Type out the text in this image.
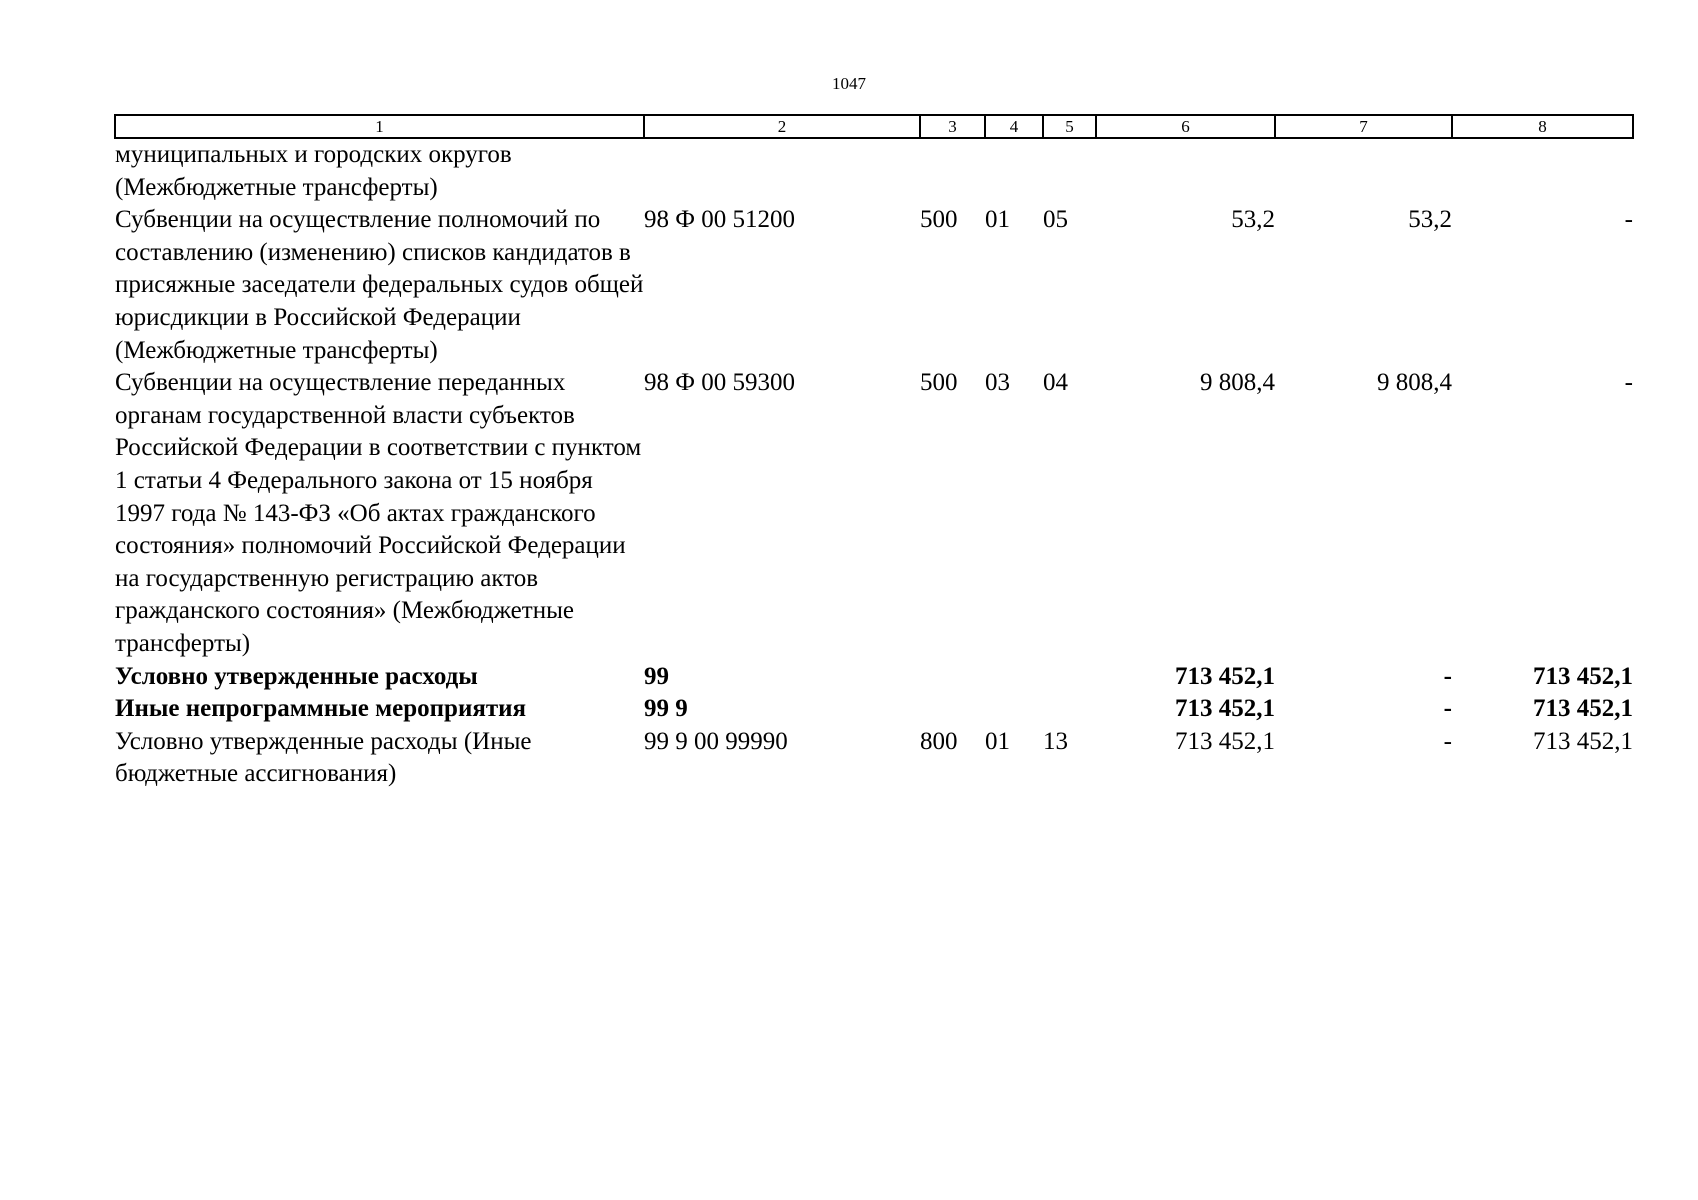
1047
1	2	3	4	5	6	7	8
муниципальных и городских округов (Межбюджетные трансферты)							
Субвенции на осуществление полномочий по составлению (изменению) списков кандидатов в присяжные заседатели федеральных судов общей юрисдикции в Российской Федерации (Межбюджетные трансферты)	98 Ф 00 51200	500	01	05	53,2	53,2	-
Субвенции на осуществление переданных органам государственной власти субъектов Российской Федерации в соответствии с пунктом 1 статьи 4 Федерального закона от 15 ноября 1997 года № 143-ФЗ «Об актах гражданского состояния» полномочий Российской Федерации на государственную регистрацию актов гражданского состояния» (Межбюджетные трансферты)	98 Ф 00 59300	500	03	04	9 808,4	9 808,4	-
Условно утвержденные расходы	99				713 452,1	-	713 452,1
Иные непрограммные мероприятия	99 9				713 452,1	-	713 452,1
Условно утвержденные расходы (Иные бюджетные ассигнования)	99 9 00 99990	800	01	13	713 452,1	-	713 452,1
